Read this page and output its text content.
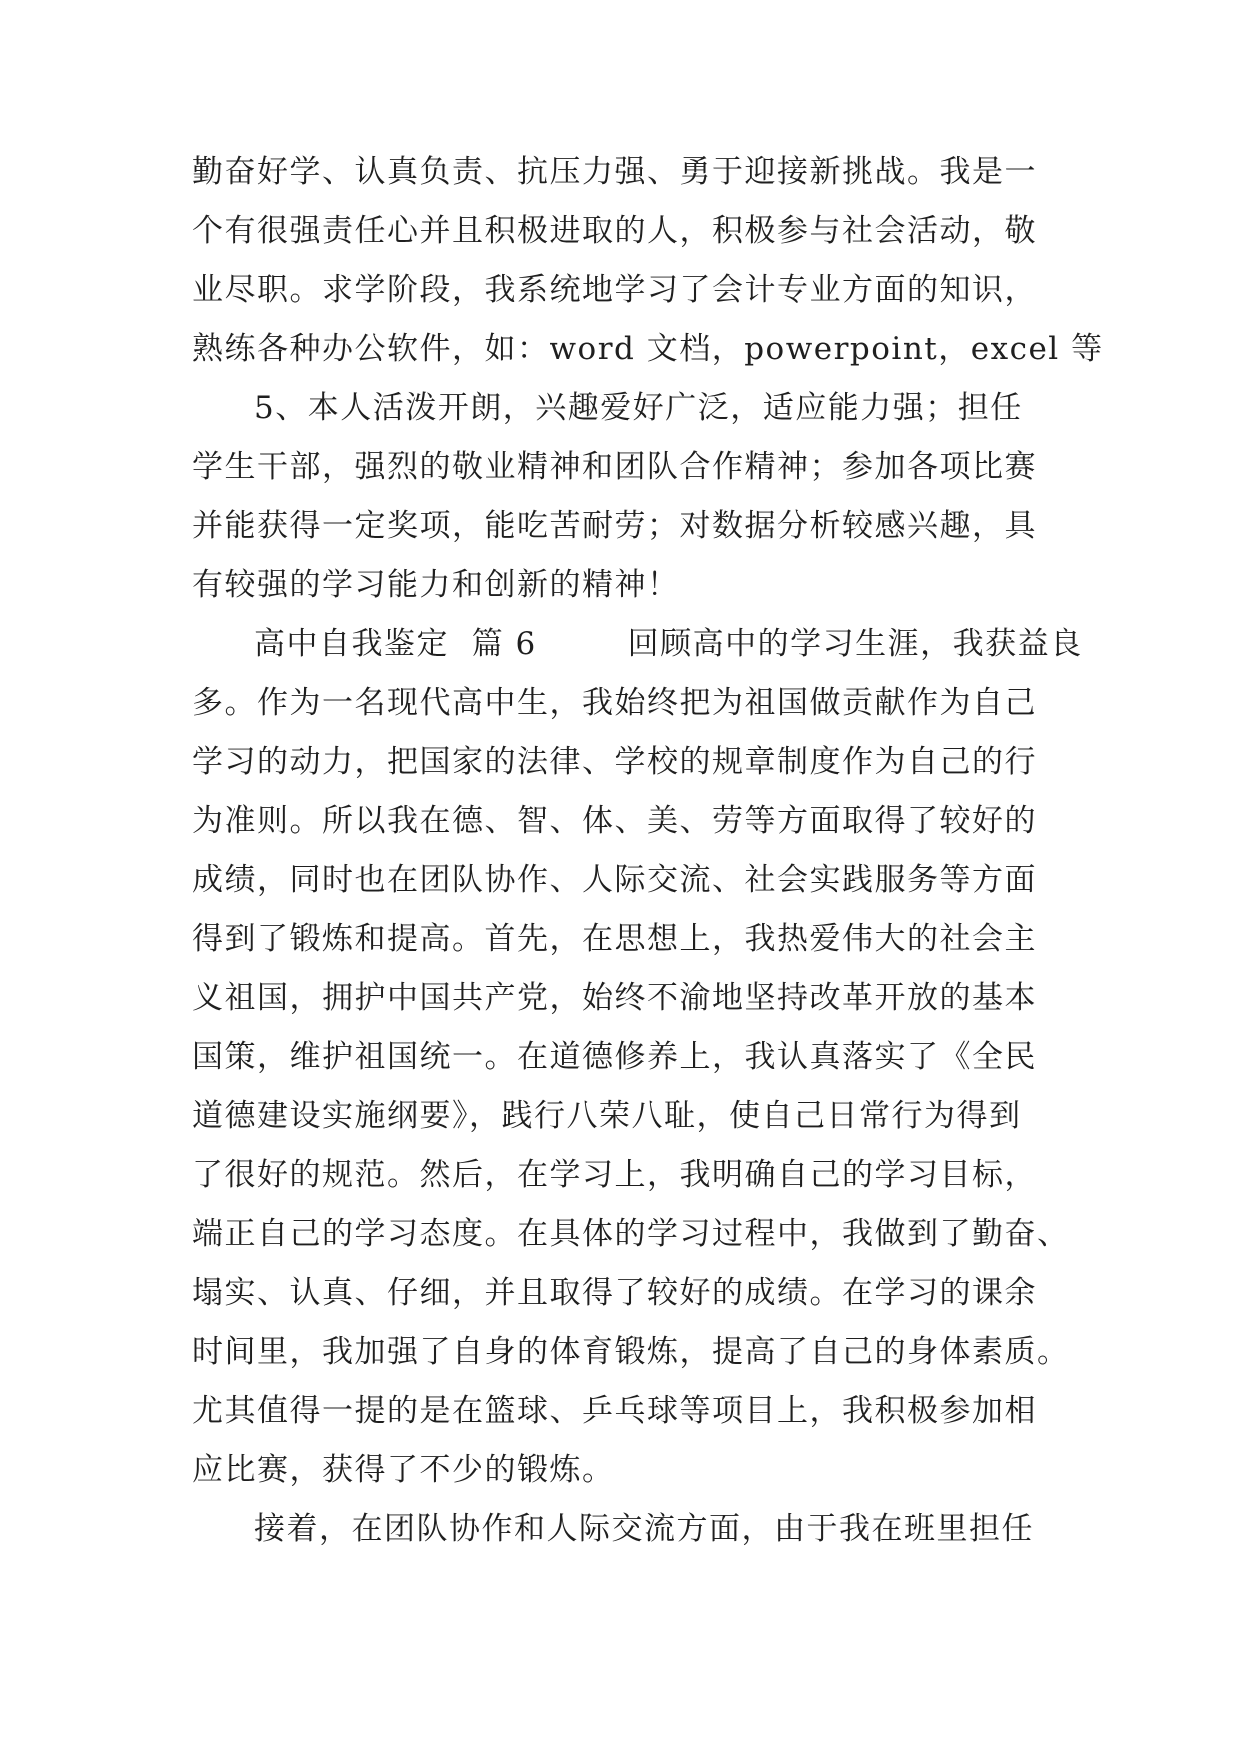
勤奋好学、认真负责、抗压力强、勇于迎接新挑战。我是一
个有很强责任心并且积极进取的人，积极参与社会活动，敬
业尽职。求学阶段，我系统地学习了会计专业方面的知识，
熟练各种办公软件，如：word 文档，powerpoint，excel 等
5、本人活泼开朗，兴趣爱好广泛，适应能力强；担任
学生干部，强烈的敬业精神和团队合作精神；参加各项比赛
并能获得一定奖项，能吃苦耐劳；对数据分析较感兴趣，具
有较强的学习能力和创新的精神！
高中自我鉴定  篇 6        回顾高中的学习生涯，我获益良
多。作为一名现代高中生，我始终把为祖国做贡献作为自己
学习的动力，把国家的法律、学校的规章制度作为自己的行
为准则。所以我在德、智、体、美、劳等方面取得了较好的
成绩，同时也在团队协作、人际交流、社会实践服务等方面
得到了锻炼和提高。首先，在思想上，我热爱伟大的社会主
义祖国，拥护中国共产党，始终不渝地坚持改革开放的基本
国策，维护祖国统一。在道德修养上，我认真落实了《全民
道德建设实施纲要》，践行八荣八耻，使自己日常行为得到
了很好的规范。然后，在学习上，我明确自己的学习目标，
端正自己的学习态度。在具体的学习过程中，我做到了勤奋、
塌实、认真、仔细，并且取得了较好的成绩。在学习的课余
时间里，我加强了自身的体育锻炼，提高了自己的身体素质。
尤其值得一提的是在篮球、乒乓球等项目上，我积极参加相
应比赛，获得了不少的锻炼。
接着，在团队协作和人际交流方面，由于我在班里担任
